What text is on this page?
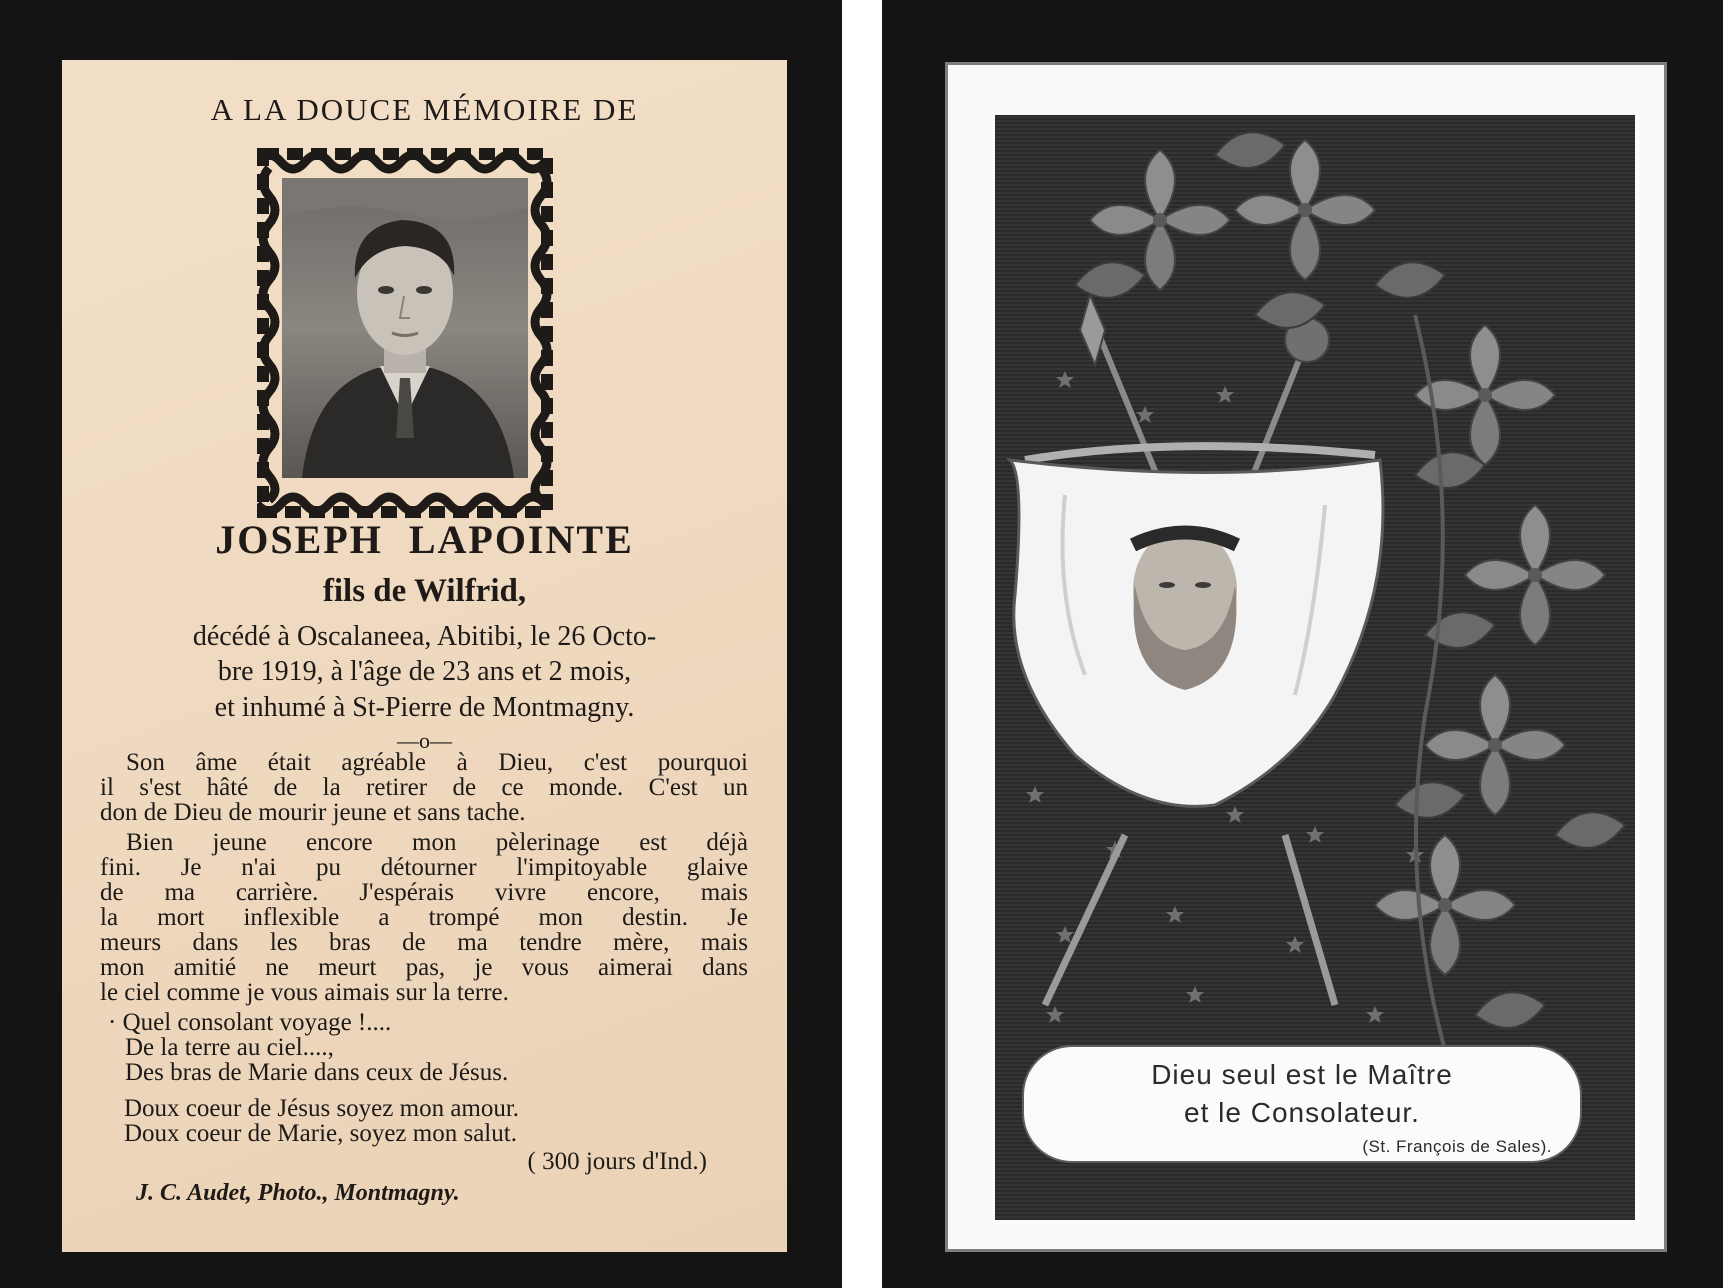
A LA DOUCE MÉMOIRE DE
JOSEPH LAPOINTE
fils de Wilfrid,
décédé à Oscalaneea, Abitibi, le 26 Octo-
bre 1919, à l'âge de 23 ans et 2 mois,
et inhumé à St-Pierre de Montmagny.
—o—
Son âme était agréable à Dieu, c'est pourquoi
il s'est hâté de la retirer de ce monde. C'est un
don de Dieu de mourir jeune et sans tache.
Bien jeune encore mon pèlerinage est déjà
fini. Je n'ai pu détourner l'impitoyable glaive
de ma carrière. J'espérais vivre encore, mais
la mort inflexible a trompé mon destin. Je
meurs dans les bras de ma tendre mère, mais
mon amitié ne meurt pas, je vous aimerai dans
le ciel comme je vous aimais sur la terre.
· Quel consolant voyage !....
De la terre au ciel....,
Des bras de Marie dans ceux de Jésus.
Doux coeur de Jésus soyez mon amour.
Doux coeur de Marie, soyez mon salut.
( 300 jours d'Ind.)
J. C. Audet, Photo., Montmagny.
Dieu seul est le Maître
et le Consolateur.
(St. François de Sales).
